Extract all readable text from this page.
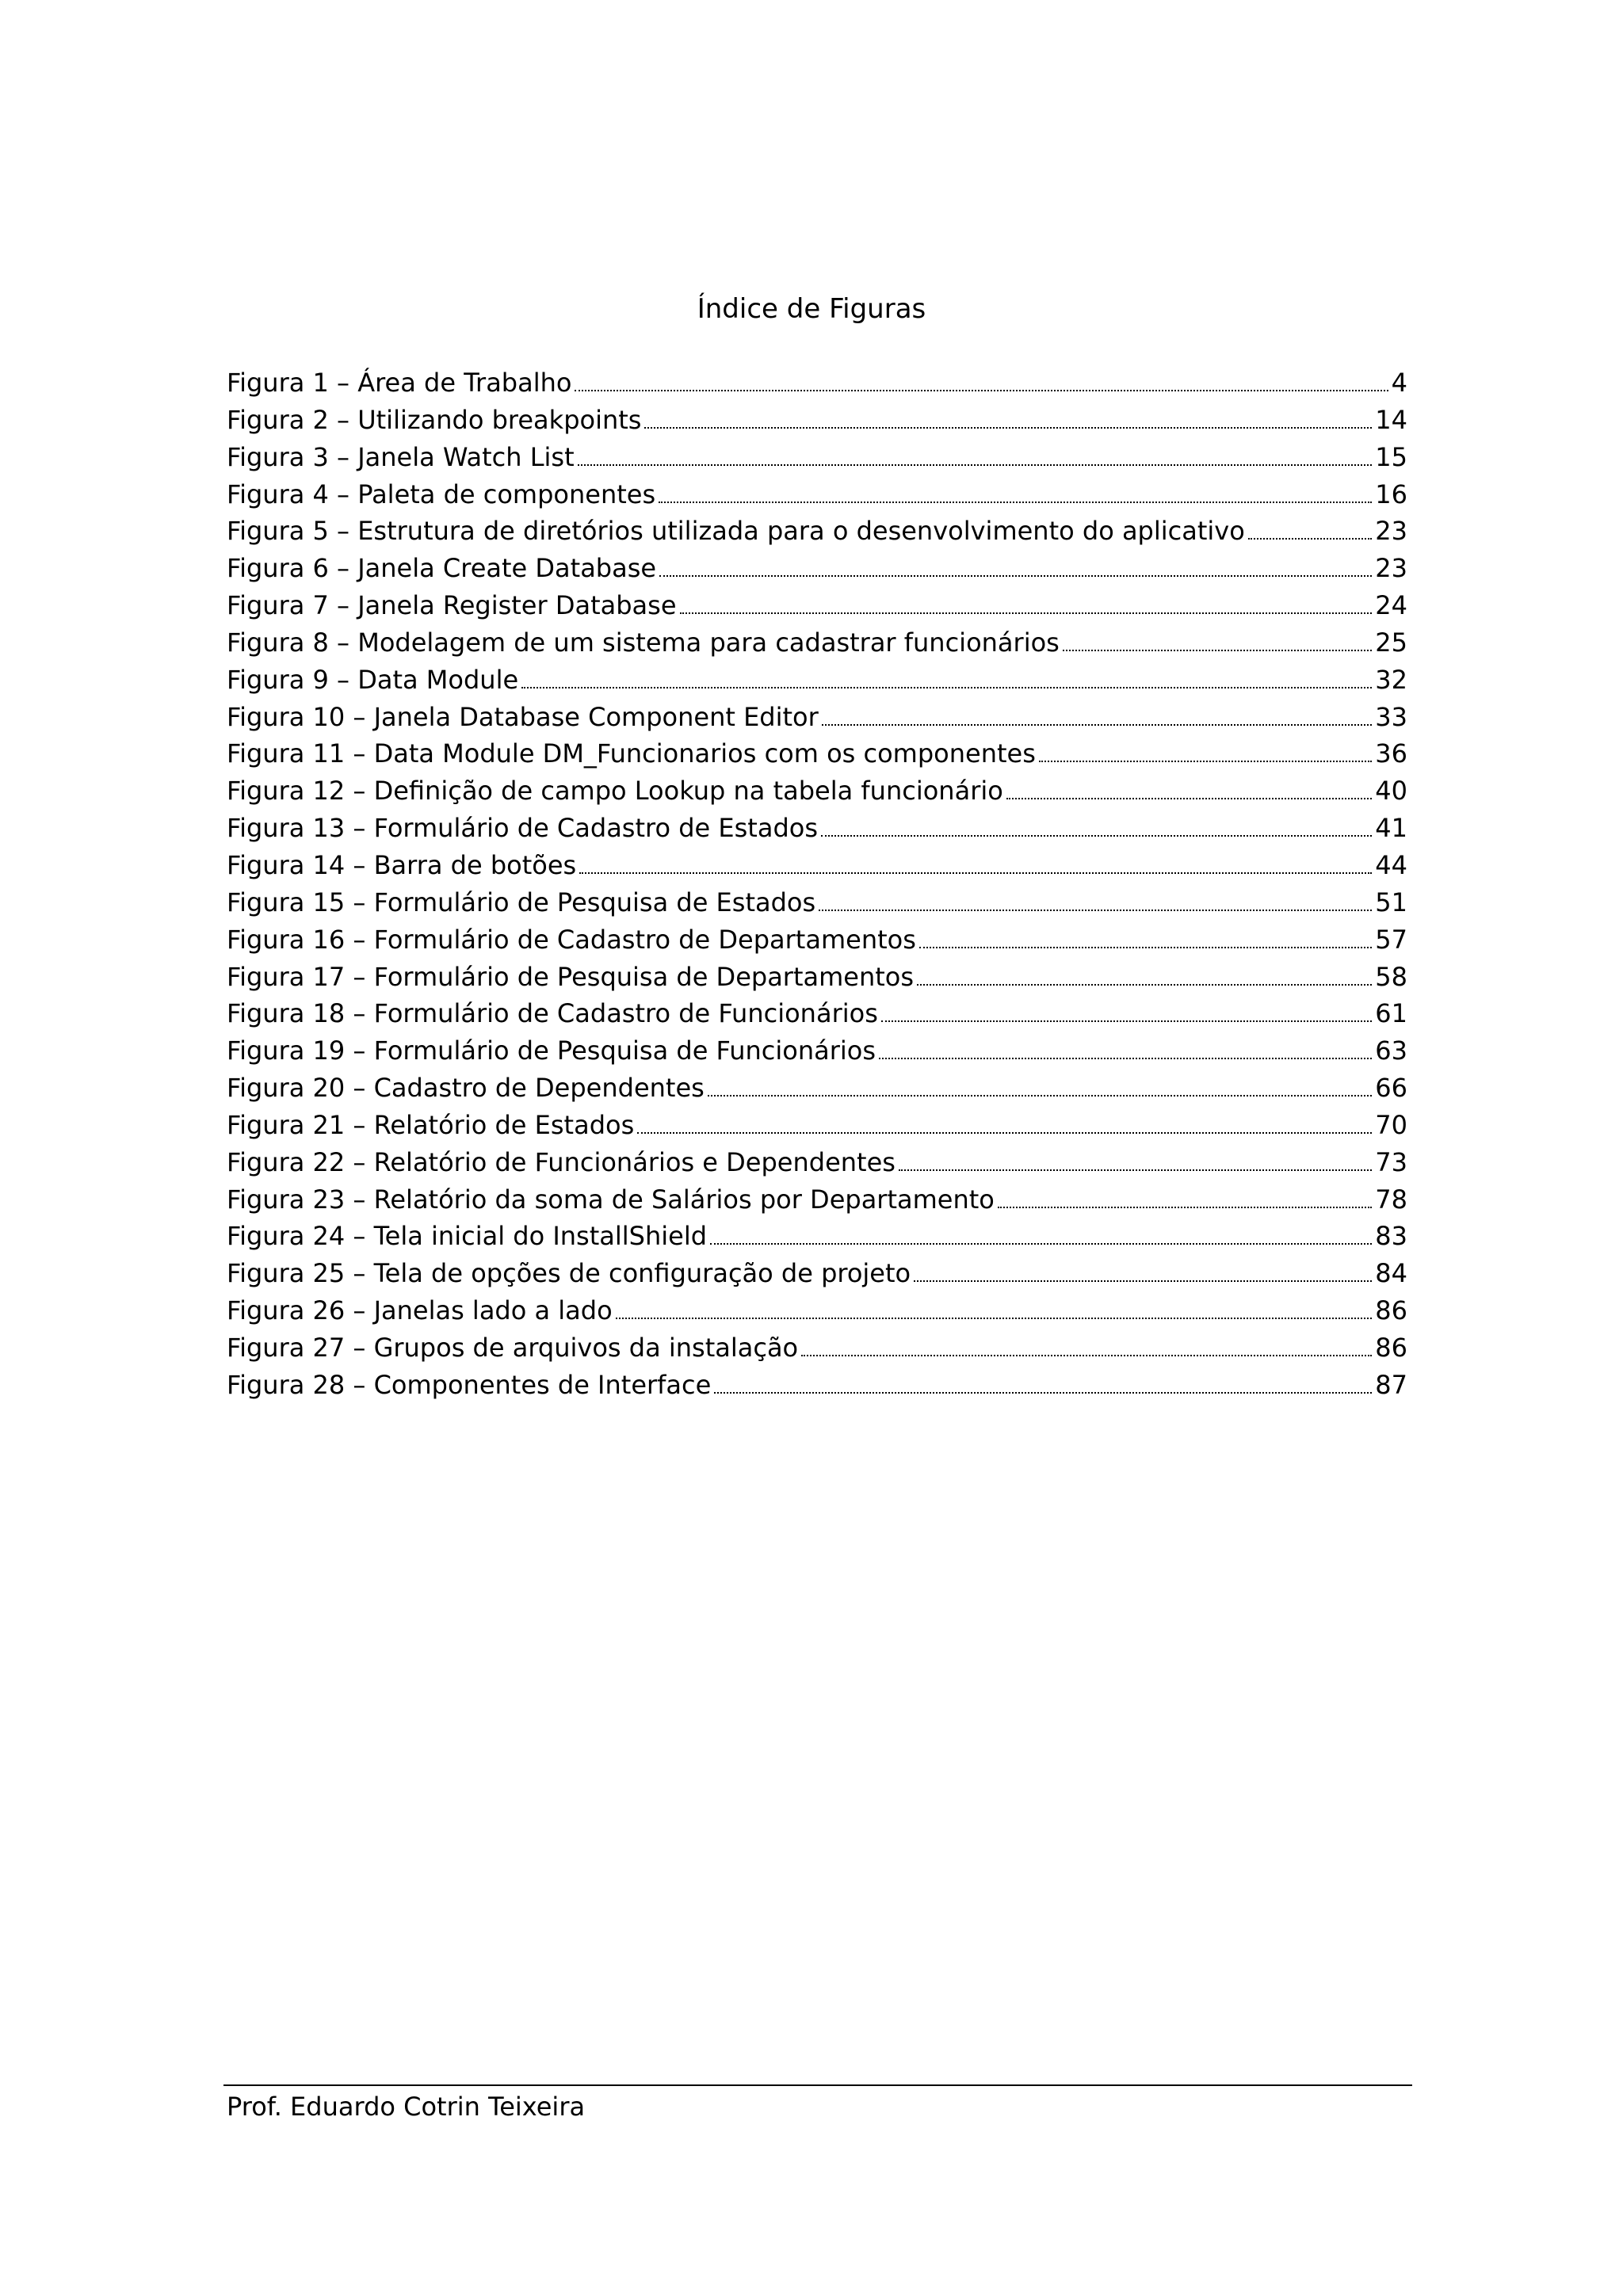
Índice de Figuras
Figura 1 – Área de Trabalho	4
Figura 2 – Utilizando breakpoints	14
Figura 3 – Janela Watch List	15
Figura 4 – Paleta de componentes	16
Figura 5 – Estrutura de diretórios utilizada para o desenvolvimento do aplicativo	23
Figura 6 – Janela Create Database	23
Figura 7 – Janela Register Database	24
Figura 8 – Modelagem de um sistema para cadastrar funcionários	25
Figura 9 – Data Module	32
Figura 10 – Janela Database Component Editor	33
Figura 11 – Data Module DM_Funcionarios com os componentes	36
Figura 12 – Definição de campo Lookup na tabela funcionário	40
Figura 13 – Formulário de Cadastro de Estados	41
Figura 14 – Barra de botões	44
Figura 15 – Formulário de Pesquisa de Estados	51
Figura 16 – Formulário de Cadastro de Departamentos	57
Figura 17 – Formulário de Pesquisa de Departamentos	58
Figura 18 – Formulário de Cadastro de Funcionários	61
Figura 19 – Formulário de Pesquisa de Funcionários	63
Figura 20 – Cadastro de Dependentes	66
Figura 21 – Relatório de Estados	70
Figura 22 – Relatório de Funcionários e Dependentes	73
Figura 23 – Relatório da soma de Salários por Departamento	78
Figura 24 – Tela inicial do InstallShield	83
Figura 25 – Tela de opções de configuração de projeto	84
Figura 26 – Janelas lado a lado	86
Figura 27 – Grupos de arquivos da instalação	86
Figura 28 – Componentes de Interface	87
Prof. Eduardo Cotrin Teixeira
